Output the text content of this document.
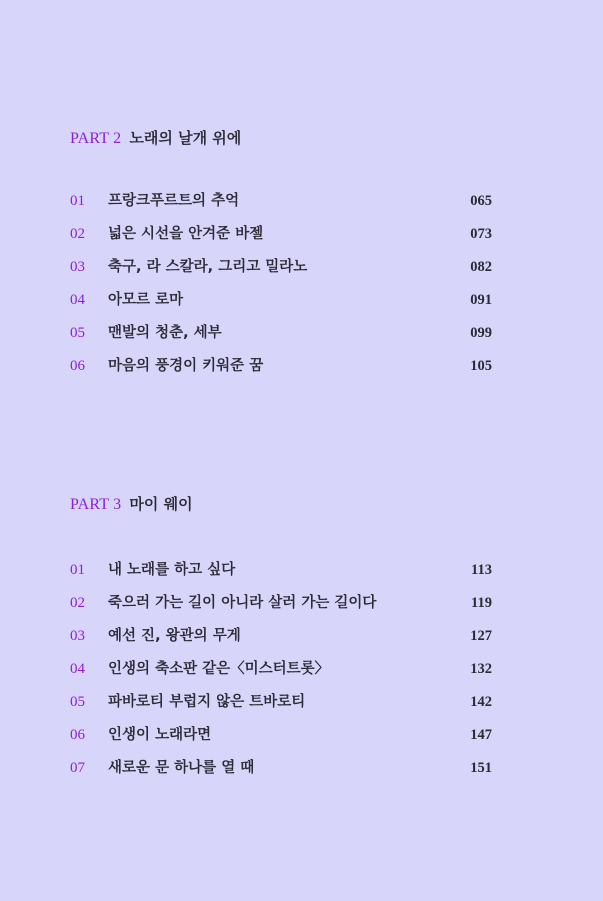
PART 2 노래의 날개 위에
01 프랑크푸르트의 추억	065
02 넓은 시선을 안겨준 바젤	073
03 축구, 라 스칼라, 그리고 밀라노	082
04 아모르 로마	091
05 맨발의 청춘, 세부	099
06 마음의 풍경이 키워준 꿈	105
PART 3 마이 웨이
01 내 노래를 하고 싶다	113
02 죽으러 가는 길이 아니라 살러 가는 길이다	119
03 예선 진, 왕관의 무게	127
04 인생의 축소판 같은〈미스터트롯〉	132
05 파바로티 부럽지 않은 트바로티	142
06 인생이 노래라면	147
07 새로운 문 하나를 열 때	151
